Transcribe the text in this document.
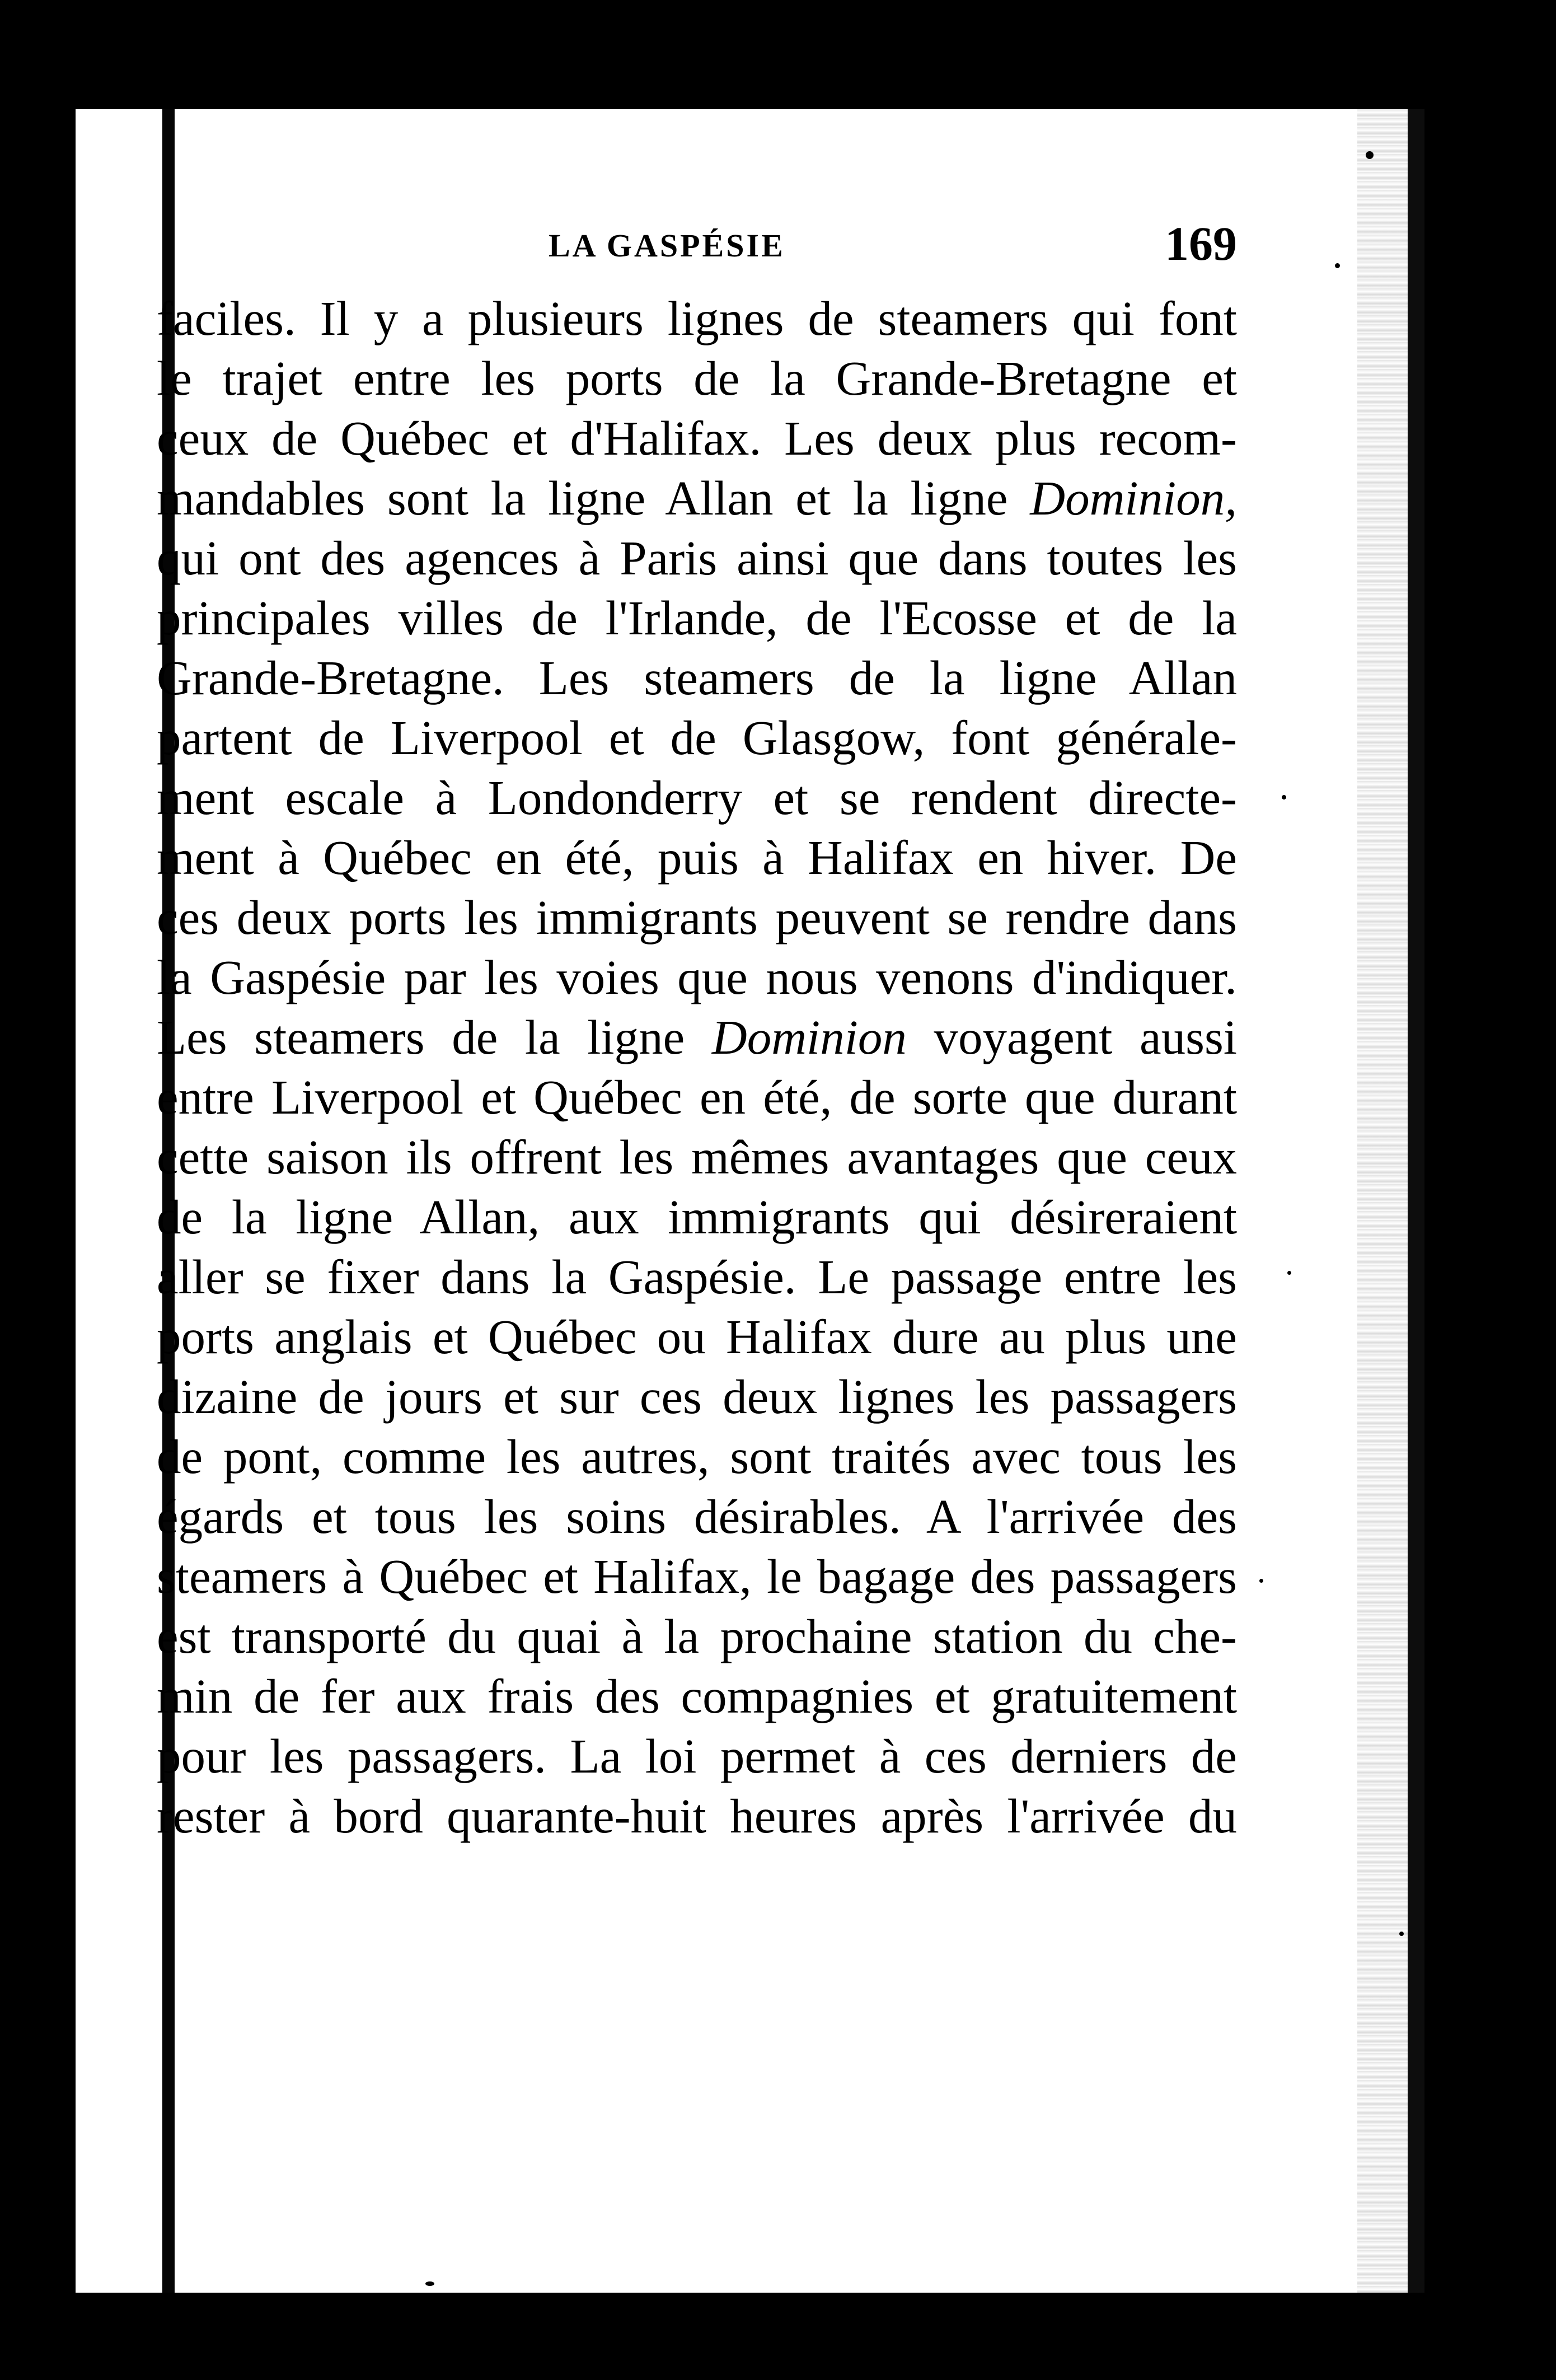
LA GASPÉSIE	169
faciles. Il y a plusieurs lignes de steamers qui font
le trajet entre les ports de la Grande-Bretagne et
ceux de Québec et d'Halifax. Les deux plus recom-
mandables sont la ligne Allan et la ligne Dominion,
qui ont des agences à Paris ainsi que dans toutes les
principales villes de l'Irlande, de l'Ecosse et de la
Grande-Bretagne. Les steamers de la ligne Allan
partent de Liverpool et de Glasgow, font générale-
ment escale à Londonderry et se rendent directe-
ment à Québec en été, puis à Halifax en hiver. De
ces deux ports les immigrants peuvent se rendre dans
la Gaspésie par les voies que nous venons d'indiquer.
Les steamers de la ligne Dominion voyagent aussi
entre Liverpool et Québec en été, de sorte que durant
cette saison ils offrent les mêmes avantages que ceux
de la ligne Allan, aux immigrants qui désireraient
aller se fixer dans la Gaspésie. Le passage entre les
ports anglais et Québec ou Halifax dure au plus une
dizaine de jours et sur ces deux lignes les passagers
de pont, comme les autres, sont traités avec tous les
égards et tous les soins désirables. A l'arrivée des
steamers à Québec et Halifax, le bagage des passagers
est transporté du quai à la prochaine station du che-
min de fer aux frais des compagnies et gratuitement
pour les passagers. La loi permet à ces derniers de
rester à bord quarante-huit heures après l'arrivée du
